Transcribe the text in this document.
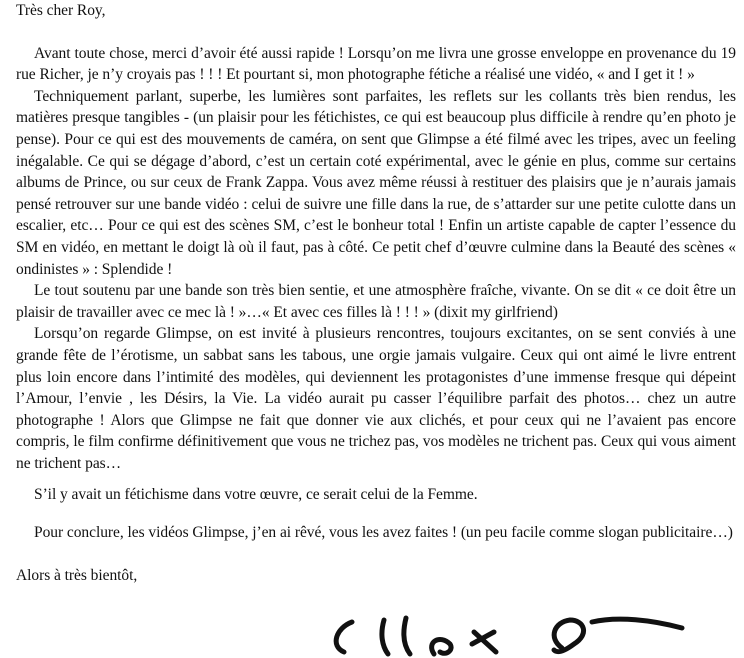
Très cher Roy,

Avant toute chose, merci d’avoir été aussi rapide ! Lorsqu’on me livra une grosse enveloppe en provenance du 19 rue Richer, je n’y croyais pas ! ! ! Et pourtant si, mon photographe fétiche a réalisé une vidéo, « and I get it ! »

Techniquement parlant, superbe, les lumières sont parfaites, les reflets sur les collants très bien rendus, les matières presque tangibles - (un plaisir pour les fétichistes, ce qui est beaucoup plus difficile à rendre qu’en photo je pense). Pour ce qui est des mouvements de caméra, on sent que Glimpse a été filmé avec les tripes, avec un feeling inégalable. Ce qui se dégage d’abord, c’est un certain coté expérimental, avec le génie en plus, comme sur certains albums de Prince, ou sur ceux de Frank Zappa. Vous avez même réussi à restituer des plaisirs que je n’aurais jamais pensé retrouver sur une bande vidéo : celui de suivre une fille dans la rue, de s’attarder sur une petite culotte dans un escalier, etc… Pour ce qui est des scènes SM, c’est le bonheur total ! Enfin un artiste capable de capter l’essence du SM en vidéo, en mettant le doigt là où il faut, pas à côté. Ce petit chef d’œuvre culmine dans la Beauté des scènes « ondinistes » : Splendide !

Le tout soutenu par une bande son très bien sentie, et une atmosphère fraîche, vivante. On se dit « ce doit être un plaisir de travailler avec ce mec là ! »…« Et avec ces filles là ! ! ! » (dixit my girlfriend)

Lorsqu’on regarde Glimpse, on est invité à plusieurs rencontres, toujours excitantes, on se sent conviés à une grande fête de l’érotisme, un sabbat sans les tabous, une orgie jamais vulgaire. Ceux qui ont aimé le livre entrent plus loin encore dans l’intimité des modèles, qui deviennent les protagonistes d’une immense fresque qui dépeint l’Amour, l’envie , les Désirs, la Vie. La vidéo aurait pu casser l’équilibre parfait des photos… chez un autre photographe ! Alors que Glimpse ne fait que donner vie aux clichés, et pour ceux qui ne l’avaient pas encore compris, le film confirme définitivement que vous ne trichez pas, vos modèles ne trichent pas. Ceux qui vous aiment ne trichent pas…

S’il y avait un fétichisme dans votre œuvre, ce serait celui de la Femme.

Pour conclure, les vidéos Glimpse, j’en ai rêvé, vous les avez faites ! (un peu facile comme slogan publicitaire…)

Alors à très bientôt,
